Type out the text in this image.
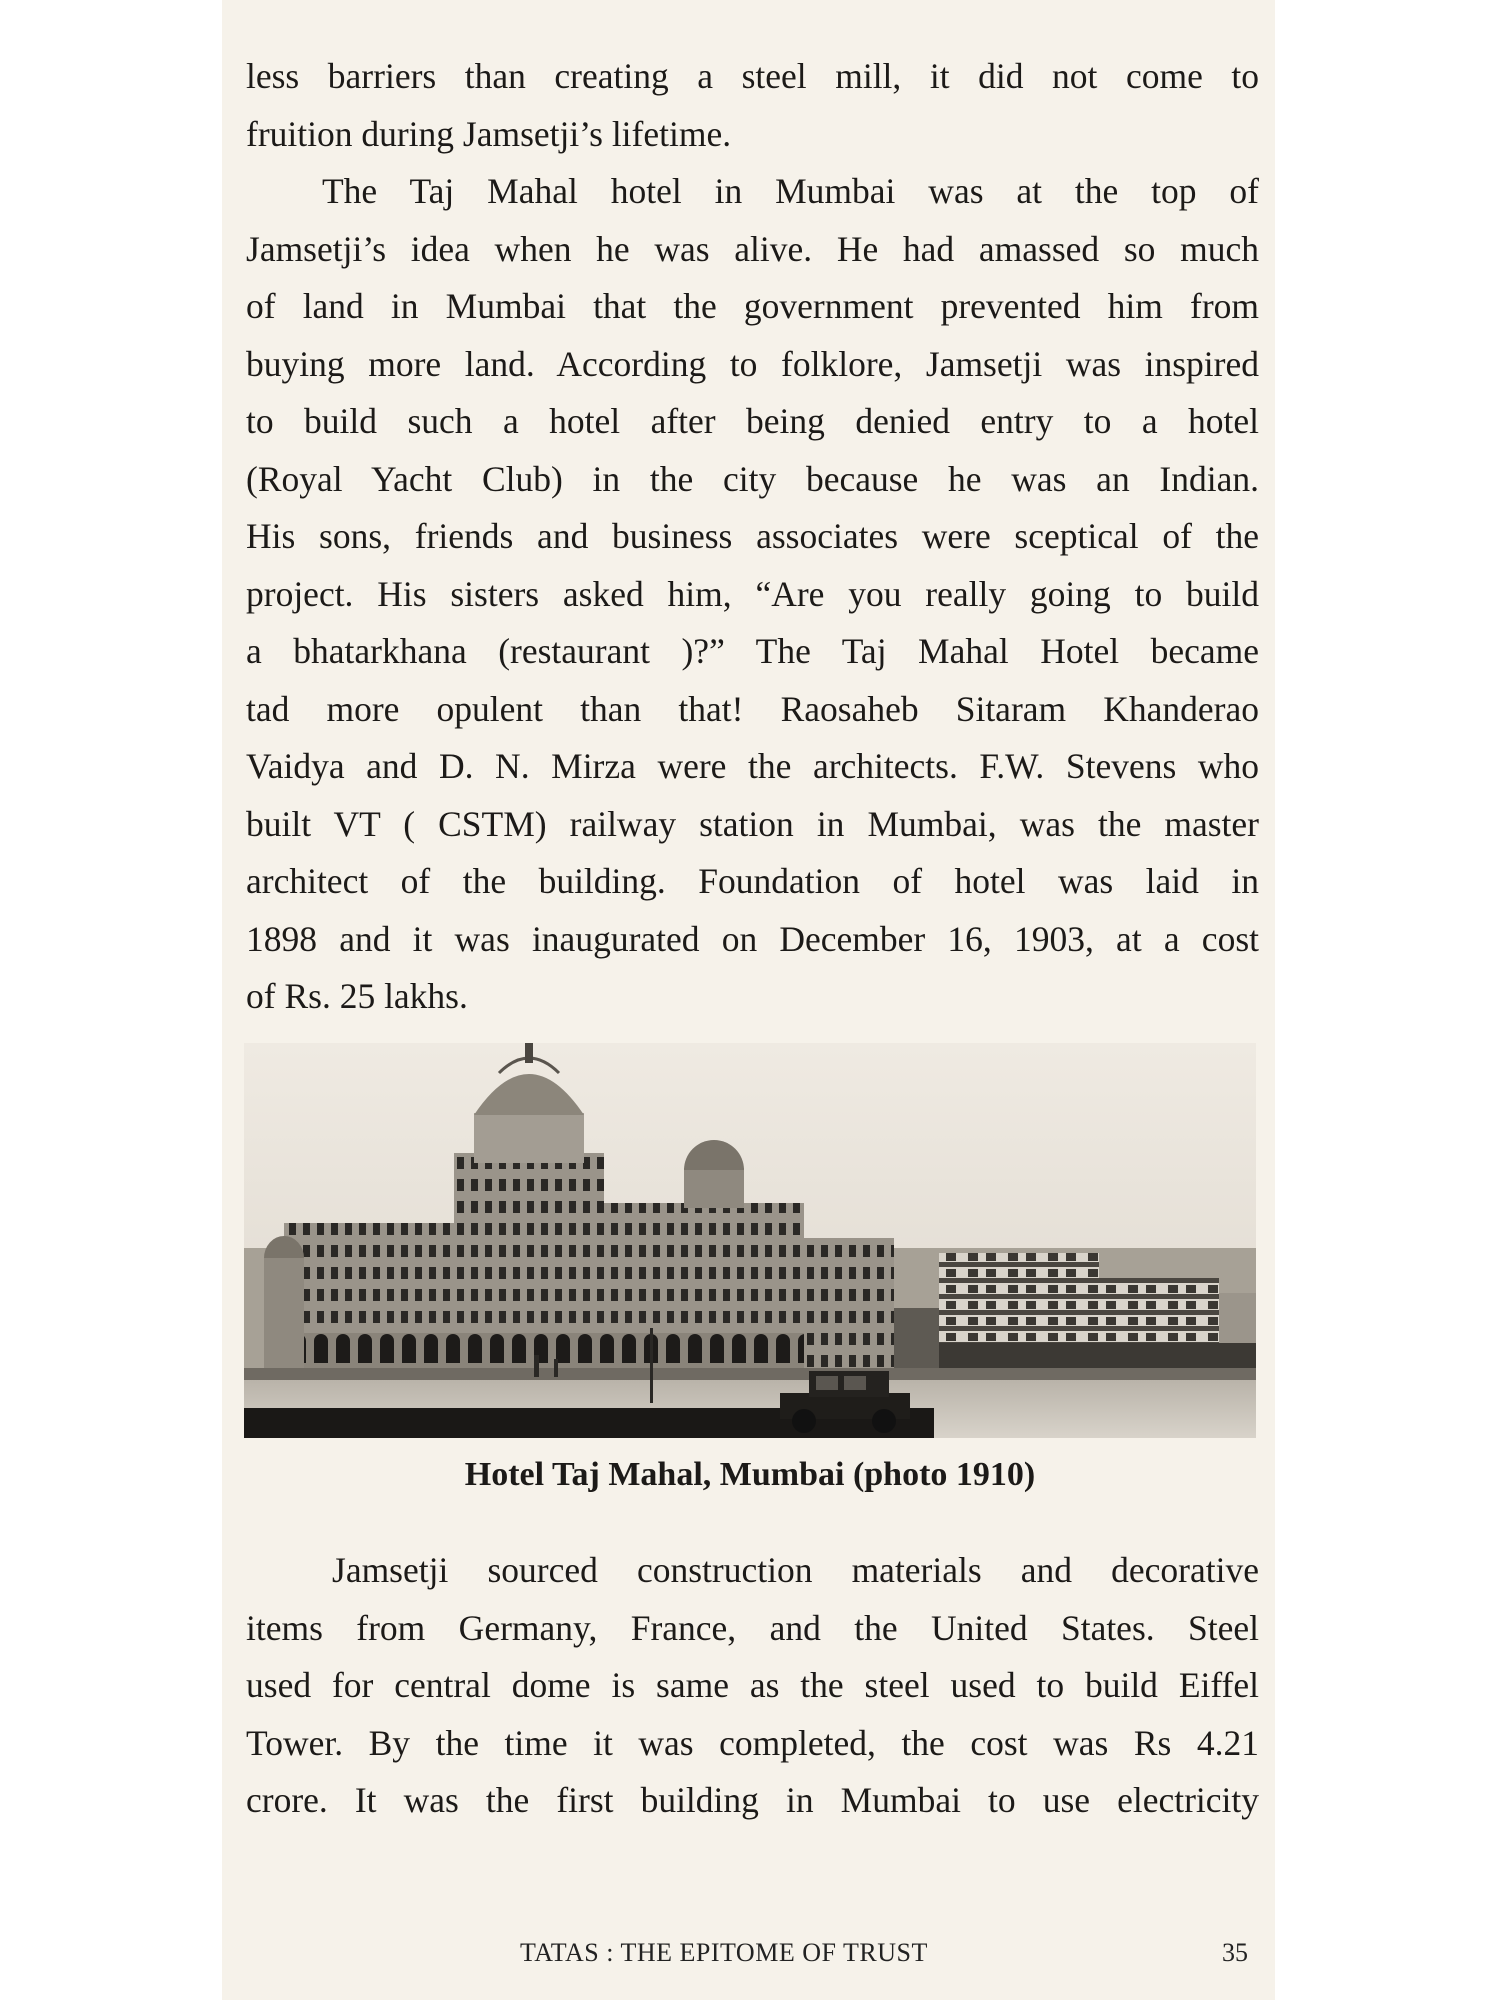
less barriers than creating a steel mill, it did not come to
fruition during Jamsetji’s lifetime.

The Taj Mahal hotel in Mumbai was at the top of
Jamsetji’s idea when he was alive. He had amassed so much
of land in Mumbai that the government prevented him from
buying more land. According to folklore, Jamsetji was inspired
to build such a hotel after being denied entry to a hotel
(Royal Yacht Club) in the city because he was an Indian.
His sons, friends and business associates were sceptical of the
project. His sisters asked him, “Are you really going to build
a bhatarkhana (restaurant )?” The Taj Mahal Hotel became
tad more opulent than that! Raosaheb Sitaram Khanderao
Vaidya and D. N. Mirza were the architects. F.W. Stevens who
built VT ( CSTM) railway station in Mumbai, was the master
architect of the building. Foundation of hotel was laid in
1898 and it was inaugurated on December 16, 1903, at a cost
of Rs. 25 lakhs.

Hotel Taj Mahal, Mumbai (photo 1910)

Jamsetji sourced construction materials and decorative
items from Germany, France, and the United States. Steel
used for central dome is same as the steel used to build Eiffel
Tower. By the time it was completed, the cost was Rs 4.21
crore. It was the first building in Mumbai to use electricity

TATAS : THE EPITOME OF TRUST	35
